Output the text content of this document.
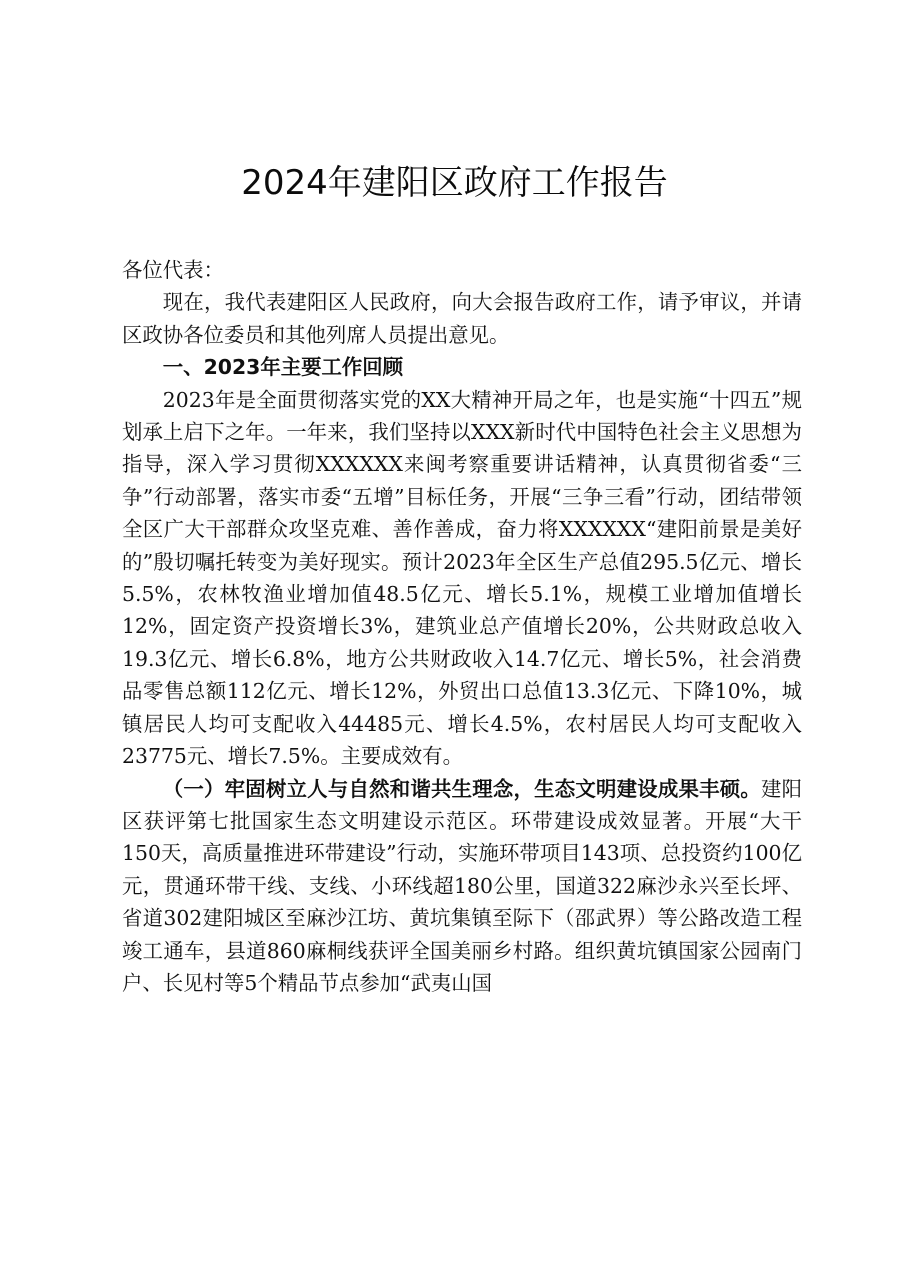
2024年建阳区政府工作报告

各位代表：

现在，我代表建阳区人民政府，向大会报告政府工作，请予审议，并请区政协各位委员和其他列席人员提出意见。

一、2023年主要工作回顾

2023年是全面贯彻落实党的XX大精神开局之年，也是实施“十四五”规划承上启下之年。一年来，我们坚持以XXX新时代中国特色社会主义思想为指导，深入学习贯彻XXXXXX来闽考察重要讲话精神，认真贯彻省委“三争”行动部署，落实市委“五增”目标任务，开展“三争三看”行动，团结带领全区广大干部群众攻坚克难、善作善成，奋力将XXXXXX“建阳前景是美好的”殷切嘱托转变为美好现实。预计2023年全区生产总值295.5亿元、增长5.5%，农林牧渔业增加值48.5亿元、增长5.1%，规模工业增加值增长12%，固定资产投资增长3%，建筑业总产值增长20%，公共财政总收入19.3亿元、增长6.8%，地方公共财政收入14.7亿元、增长5%，社会消费品零售总额112亿元、增长12%，外贸出口总值13.3亿元、下降10%，城镇居民人均可支配收入44485元、增长4.5%，农村居民人均可支配收入23775元、增长7.5%。主要成效有。

（一）牢固树立人与自然和谐共生理念，生态文明建设成果丰硕。建阳区获评第七批国家生态文明建设示范区。环带建设成效显著。开展“大干150天，高质量推进环带建设”行动，实施环带项目143项、总投资约100亿元，贯通环带干线、支线、小环线超180公里，国道322麻沙永兴至长坪、省道302建阳城区至麻沙江坊、黄坑集镇至际下（邵武界）等公路改造工程竣工通车，县道860麻桐线获评全国美丽乡村路。组织黄坑镇国家公园南门户、长见村等5个精品节点参加“武夷山国
